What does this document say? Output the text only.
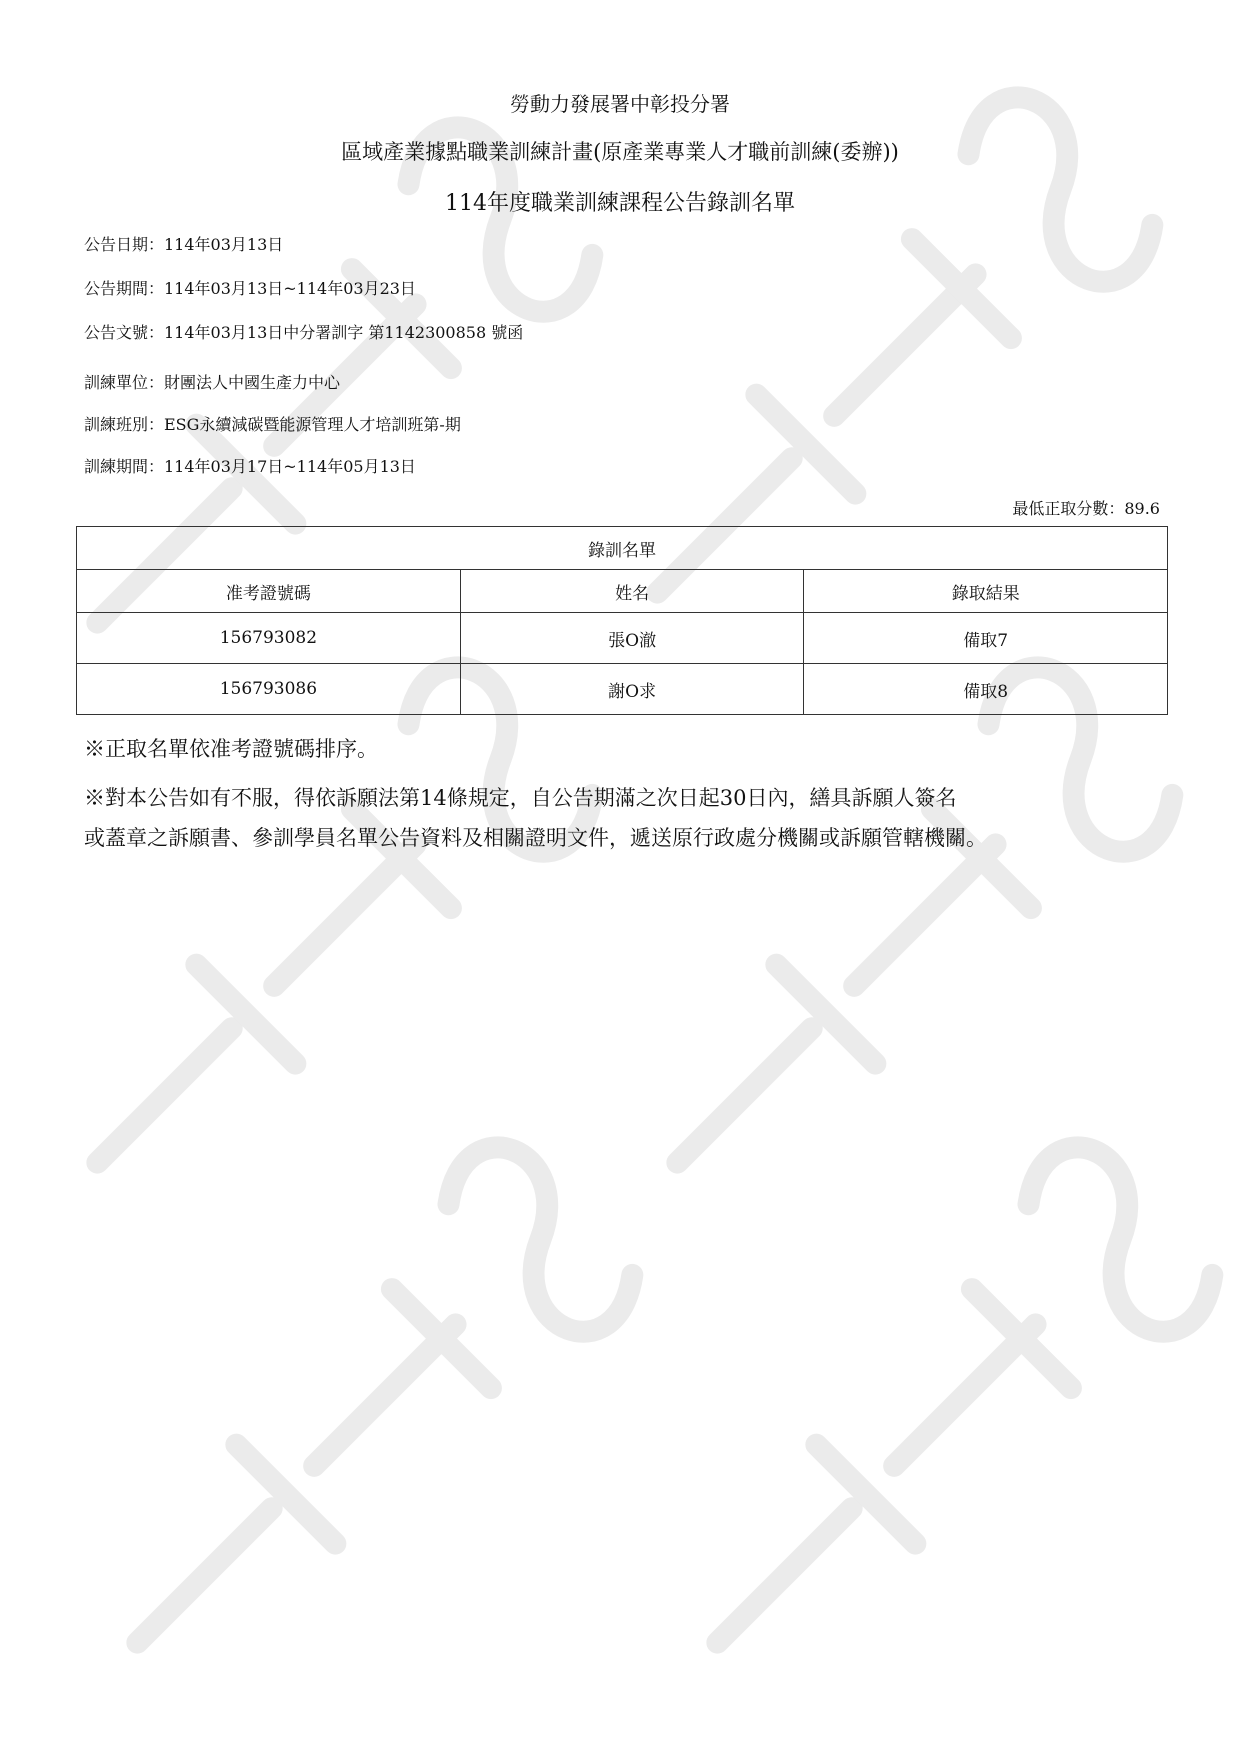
勞動力發展署中彰投分署
區域產業據點職業訓練計畫(原產業專業人才職前訓練(委辦))
114年度職業訓練課程公告錄訓名單
公告日期：114年03月13日
公告期間：114年03月13日~114年03月23日
公告文號：114年03月13日中分署訓字 第1142300858 號函
訓練單位：財團法人中國生產力中心
訓練班別：ESG永續減碳暨能源管理人才培訓班第-期
訓練期間：114年03月17日~114年05月13日
最低正取分數：89.6
錄訓名單		
准考證號碼	姓名	錄取結果
156793082	張O澈	備取7
156793086	謝O求	備取8
※正取名單依准考證號碼排序。
※對本公告如有不服，得依訴願法第14條規定，自公告期滿之次日起30日內，繕具訴願人簽名
或蓋章之訴願書、參訓學員名單公告資料及相關證明文件，遞送原行政處分機關或訴願管轄機關。
